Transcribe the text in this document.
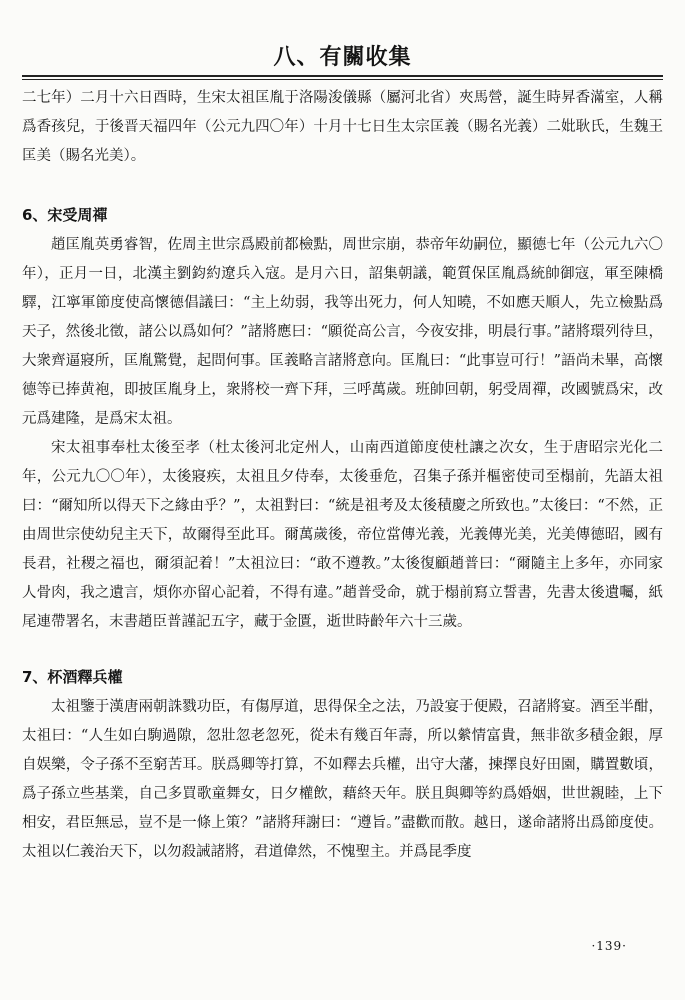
八、有關收集

二七年）二月十六日酉時，生宋太祖匡胤于洛陽浚儀縣（屬河北省）夾馬營，誕生時昇香滿室，人稱爲香孩兒，于後晋天福四年（公元九四〇年）十月十七日生太宗匡義（賜名光義）二妣耿氏，生魏王匡美（賜名光美）。

6、宋受周禪

趙匡胤英勇睿智，佐周主世宗爲殿前都檢點，周世宗崩，恭帝年幼嗣位，顯德七年（公元九六〇年），正月一日，北漢主劉鈞約遼兵入寇。是月六日，詔集朝議，範質保匡胤爲統帥御寇，軍至陳橋驛，江寧軍節度使高懷德倡議曰：“主上幼弱，我等出死力，何人知曉，不如應天順人，先立檢點爲天子，然後北徵，諸公以爲如何？”諸將應曰：“願從高公言，今夜安排，明晨行事。”諸將環列待旦，大衆齊逼寢所，匡胤驚覺，起問何事。匡義略言諸將意向。匡胤曰：“此事豈可行！”語尚未畢，高懷德等已捧黄袍，即披匡胤身上，衆將校一齊下拜，三呼萬歲。班帥回朝，躬受周禪，改國號爲宋，改元爲建隆，是爲宋太祖。

宋太祖事奉杜太後至孝（杜太後河北定州人，山南西道節度使杜讓之次女，生于唐昭宗光化二年，公元九〇〇年），太後寢疾，太祖且夕侍奉，太後垂危，召集子孫并樞密使司至榻前，先語太祖曰：“爾知所以得天下之緣由乎？”，太祖對曰：“統是祖考及太後積慶之所致也。”太後曰：“不然，正由周世宗使幼兒主天下，故爾得至此耳。爾萬歲後，帝位當傳光義，光義傳光美，光美傳德昭，國有長君，社稷之福也，爾須記着！”太祖泣曰：“敢不遵教。”太後復顧趙普曰：“爾隨主上多年，亦同家人骨肉，我之遺言，煩你亦留心記着，不得有違。”趙普受命，就于榻前寫立誓書，先書太後遺囑，紙尾連帶署名，末書趙臣普謹記五字，藏于金匱，逝世時齡年六十三歲。

7、杯酒釋兵權

太祖鑒于漢唐兩朝誅戮功臣，有傷厚道，思得保全之法，乃設宴于便殿，召諸將宴。酒至半酣，太祖曰：“人生如白駒過隙，忽壯忽老忽死，從未有幾百年壽，所以縈情富貴，無非欲多積金銀，厚自娱樂，令子孫不至窮苦耳。朕爲卿等打算，不如釋去兵權，出守大藩，揀擇良好田園，購置數頃，爲子孫立些基業，自己多買歌童舞女，日夕權飲，藉終天年。朕且與卿等約爲婚姻，世世親睦，上下相安，君臣無忌，豈不是一條上策？”諸將拜謝曰：“遵旨。”盡歡而散。越日，遂命諸將出爲節度使。太祖以仁義治天下，以勿殺誡諸將，君道偉然，不愧聖主。并爲昆季度

·139·
